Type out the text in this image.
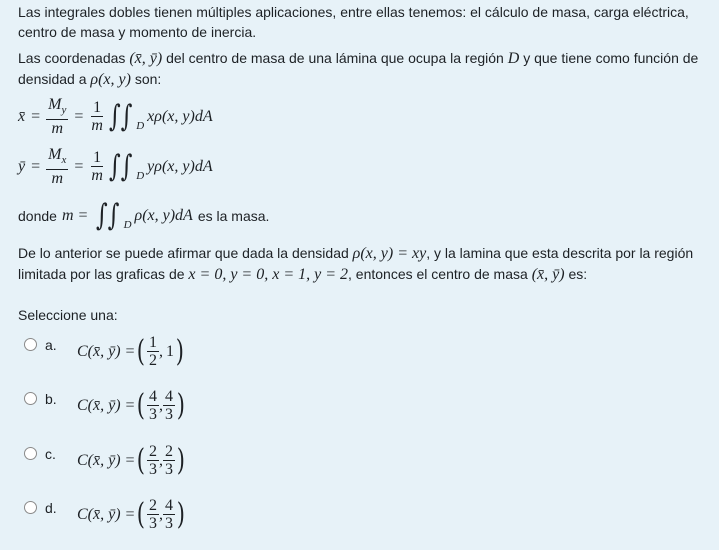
Las integrales dobles tienen múltiples aplicaciones, entre ellas tenemos: el cálculo de masa, carga eléctrica,
centro de masa y momento de inercia.
Las coordenadas (x̄, ȳ) del centro de masa de una lámina que ocupa la región D y que tiene como función de
densidad a ρ(x, y) son:
x̄ = $\frac{M_y}{m} = \frac{1}{m}$ ∫∫ D
xρ(x, y)dA
ȳ = $\frac{M_x}{m} = \frac{1}{m}$ ∫∫ D
yρ(x, y)dA
donde m = ∫∫ D
ρ(x, y)dA es la masa.
De lo anterior se puede afirmar que dada la densidad ρ(x, y) = xy, y la lamina que esta descrita por la región
limitada por las graficas de x = 0, y = 0, x = 1, y = 2, entonces el centro de masa (x̄, ȳ) es:
Seleccione una:
a.	C(x̄, ȳ) = ( $\frac{1}{2}$ , 1 )
b.	C(x̄, ȳ) = ( $\frac{4}{3}$ , $\frac{4}{3}$ )
c.	C(x̄, ȳ) = ( $\frac{2}{3}$ , $\frac{2}{3}$ )
d.	C(x̄, ȳ) = ( $\frac{2}{3}$ , $\frac{4}{3}$ )
